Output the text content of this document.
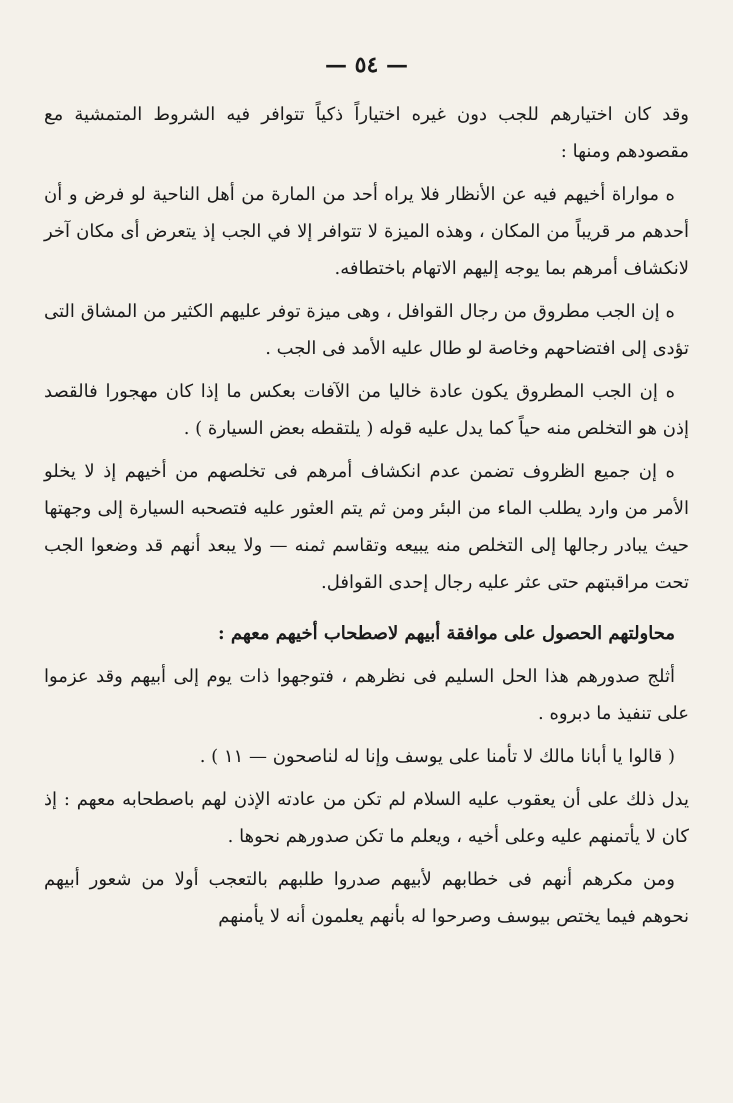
— ٥٤ —

وقد كان اختيارهم للجب دون غيره اختياراً ذكياً تتوافر فيه الشروط المتمشية مع مقصودهم ومنها :

ه مواراة أخيهم فيه عن الأنظار فلا يراه أحد من المارة من أهل الناحية لو فرض و أن أحدهم مر قريباً من المكان ، وهذه الميزة لا تتوافر إلا في الجب إذ يتعرض أى مكان آخر لانكشاف أمرهم بما يوجه إليهم الاتهام باختطافه.

ه إن الجب مطروق من رجال القوافل ، وهى ميزة توفر عليهم الكثير من المشاق التى تؤدى إلى افتضاحهم وخاصة لو طال عليه الأمد فى الجب .

ه إن الجب المطروق يكون عادة خاليا من الآفات بعكس ما إذا كان مهجورا فالقصد إذن هو التخلص منه حياً كما يدل عليه قوله ( يلتقطه بعض السيارة ) .

ه إن جميع الظروف تضمن عدم انكشاف أمرهم فى تخلصهم من أخيهم إذ لا يخلو الأمر من وارد يطلب الماء من البئر ومن ثم يتم العثور عليه فتصحبه السيارة إلى وجهتها حيث يبادر رجالها إلى التخلص منه يبيعه وتقاسم ثمنه — ولا يبعد أنهم قد وضعوا الجب تحت مراقبتهم حتى عثر عليه رجال إحدى القوافل.

محاولتهم الحصول على موافقة أبيهم لاصطحاب أخيهم معهم :

أثلج صدورهم هذا الحل السليم فى نظرهم ، فتوجهوا ذات يوم إلى أبيهم وقد عزموا على تنفيذ ما دبروه .

( قالوا يا أبانا مالك لا تأمنا على يوسف وإنا له لناصحون — ١١ ) .

يدل ذلك على أن يعقوب عليه السلام لم تكن من عادته الإذن لهم باصطحابه معهم : إذ كان لا يأتمنهم عليه وعلى أخيه ، ويعلم ما تكن صدورهم نحوها .

ومن مكرهم أنهم فى خطابهم لأبيهم صدروا طلبهم بالتعجب أولا من شعور أبيهم نحوهم فيما يختص بيوسف وصرحوا له بأنهم يعلمون أنه لا يأمنهم
